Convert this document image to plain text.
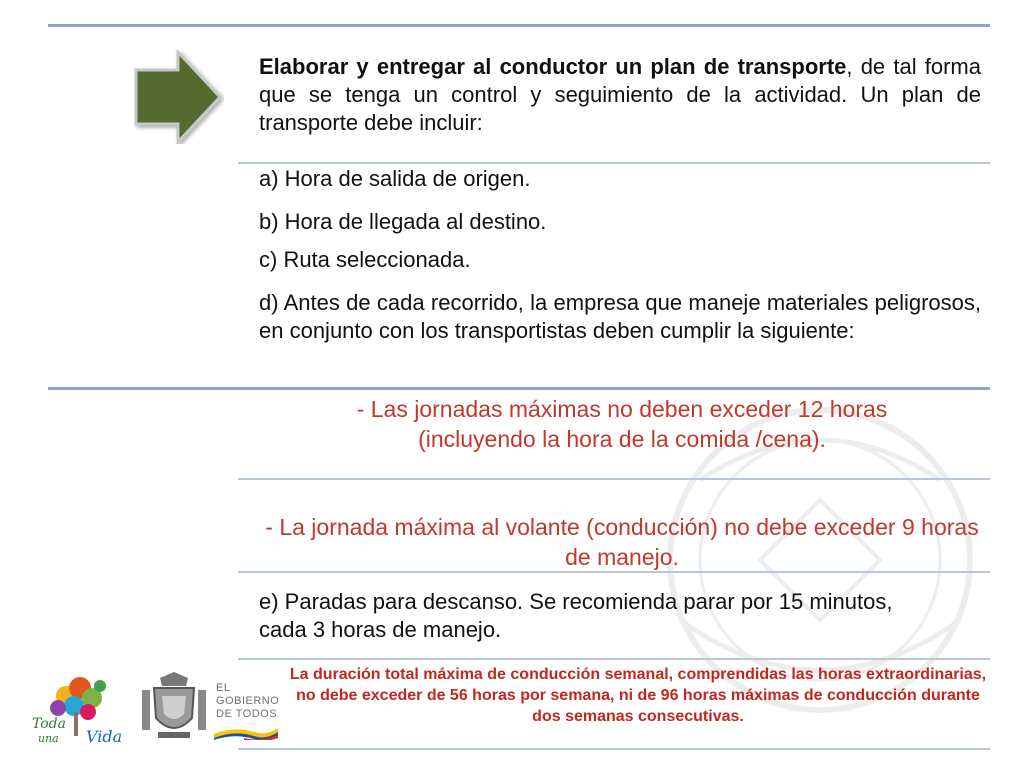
Elaborar y entregar al conductor un plan de transporte, de tal forma que se tenga un control y seguimiento de la actividad. Un plan de transporte debe incluir:
a) Hora de salida de origen.
b) Hora de llegada al destino.
c) Ruta seleccionada.
d) Antes de cada recorrido, la empresa que maneje materiales peligrosos, en conjunto con los transportistas deben cumplir la siguiente:
- Las jornadas máximas no deben exceder 12 horas (incluyendo la hora de la comida /cena).
- La jornada máxima al volante (conducción) no debe exceder 9 horas de manejo.
e) Paradas para descanso. Se recomienda parar por 15 minutos, cada 3 horas de manejo.
La duración total máxima de conducción semanal, comprendidas las horas extraordinarias, no debe exceder de 56 horas por semana, ni de 96 horas máximas de conducción durante dos semanas consecutivas.
Toda
una Vida
EL
GOBIERNO
DE TODOS
